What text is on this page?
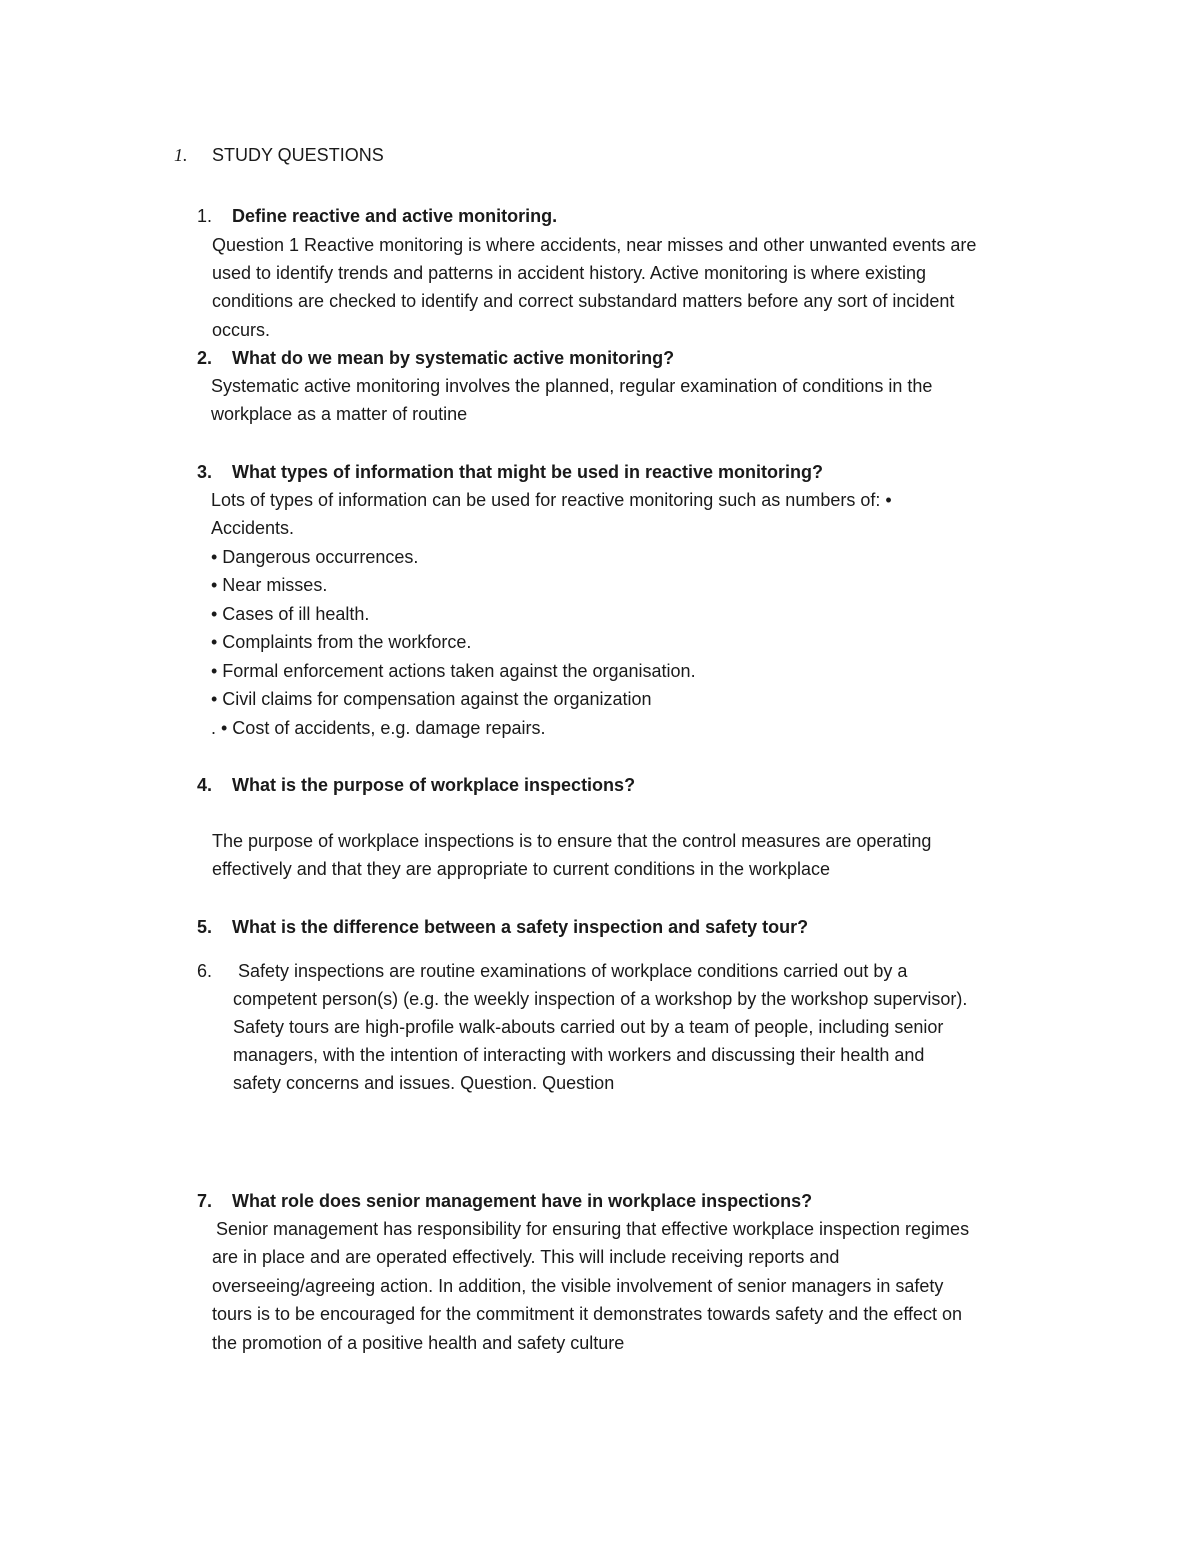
1. STUDY QUESTIONS
1. Define reactive and active monitoring.
Question 1 Reactive monitoring is where accidents, near misses and other unwanted events are
used to identify trends and patterns in accident history. Active monitoring is where existing
conditions are checked to identify and correct substandard matters before any sort of incident
occurs.
2. What do we mean by systematic active monitoring?
Systematic active monitoring involves the planned, regular examination of conditions in the
workplace as a matter of routine
3. What types of information that might be used in reactive monitoring?
Lots of types of information can be used for reactive monitoring such as numbers of: •
Accidents.
• Dangerous occurrences.
• Near misses.
• Cases of ill health.
• Complaints from the workforce.
• Formal enforcement actions taken against the organisation.
• Civil claims for compensation against the organization
. • Cost of accidents, e.g. damage repairs.
4. What is the purpose of workplace inspections?
The purpose of workplace inspections is to ensure that the control measures are operating
effectively and that they are appropriate to current conditions in the workplace
5. What is the difference between a safety inspection and safety tour?
6. Safety inspections are routine examinations of workplace conditions carried out by a
competent person(s) (e.g. the weekly inspection of a workshop by the workshop supervisor).
Safety tours are high-profile walk-abouts carried out by a team of people, including senior
managers, with the intention of interacting with workers and discussing their health and
safety concerns and issues. Question. Question
7. What role does senior management have in workplace inspections?
Senior management has responsibility for ensuring that effective workplace inspection regimes
are in place and are operated effectively. This will include receiving reports and
overseeing/agreeing action. In addition, the visible involvement of senior managers in safety
tours is to be encouraged for the commitment it demonstrates towards safety and the effect on
the promotion of a positive health and safety culture
